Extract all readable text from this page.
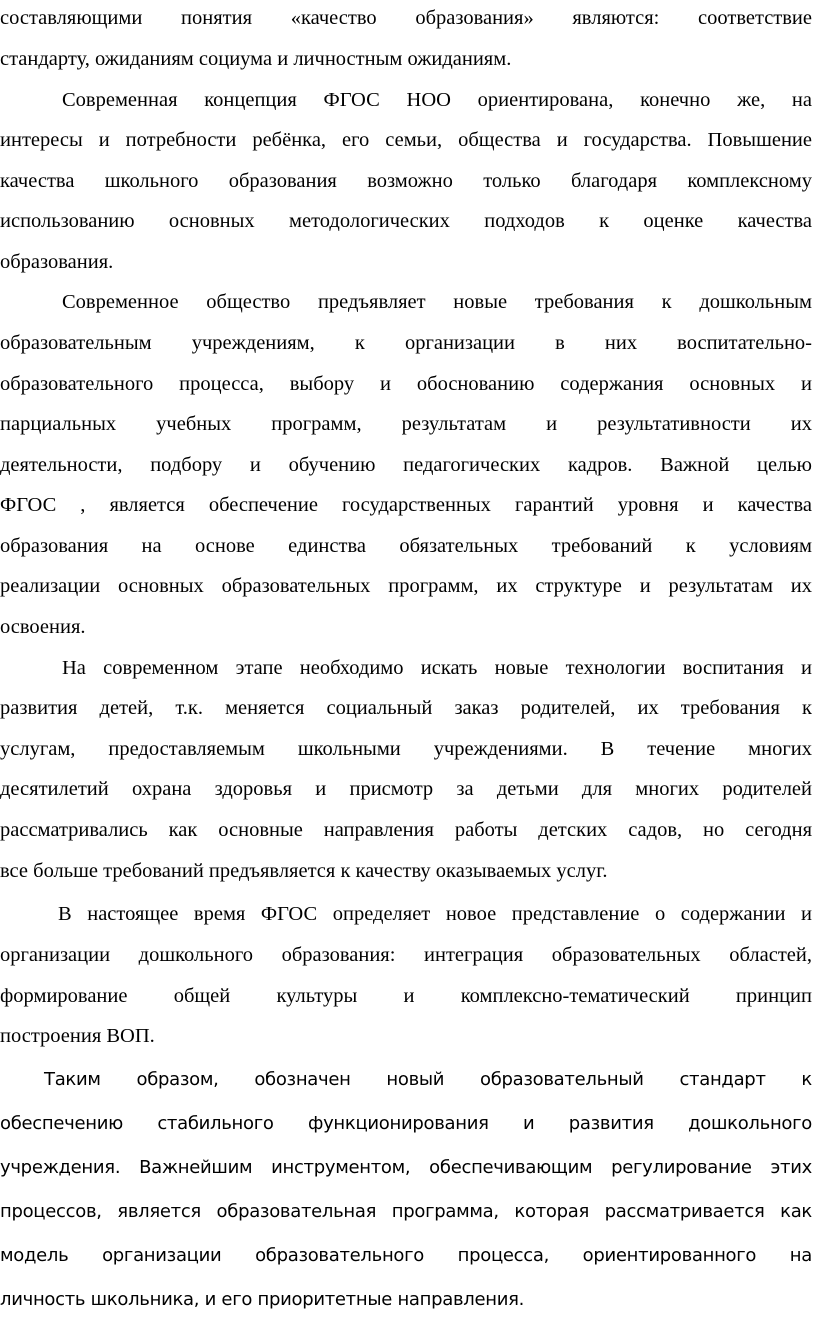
составляющими понятия «качество образования» являются: соответствие
стандарту, ожиданиям социума и личностным ожиданиям.
Современная концепция ФГОС НОО ориентирована, конечно же, на
интересы и потребности ребёнка, его семьи, общества и государства. Повышение
качества школьного образования возможно только благодаря комплексному
использованию основных методологических подходов к оценке качества
образования.
Современное общество предъявляет новые требования к дошкольным
образовательным учреждениям, к организации в них воспитательно-
образовательного процесса, выбору и обоснованию содержания основных и
парциальных учебных программ, результатам и результативности их
деятельности, подбору и обучению педагогических кадров. Важной целью
ФГОС , является обеспечение государственных гарантий уровня и качества
образования на основе единства обязательных требований к условиям
реализации основных образовательных программ, их структуре и результатам их
освоения.
На современном этапе необходимо искать новые технологии воспитания и
развития детей, т.к. меняется социальный заказ родителей, их требования к
услугам, предоставляемым школьными учреждениями. В течение многих
десятилетий охрана здоровья и присмотр за детьми для многих родителей
рассматривались как основные направления работы детских садов, но сегодня
все больше требований предъявляется к качеству оказываемых услуг.
В настоящее время ФГОС определяет новое представление о содержании и
организации дошкольного образования: интеграция образовательных областей,
формирование общей культуры и комплексно-тематический принцип
построения ВОП.
Таким образом, обозначен новый образовательный стандарт к
обеспечению стабильного функционирования и развития дошкольного
учреждения. Важнейшим инструментом, обеспечивающим регулирование этих
процессов, является образовательная программа, которая рассматривается как
модель организации образовательного процесса, ориентированного на
личность школьника, и его приоритетные направления.
